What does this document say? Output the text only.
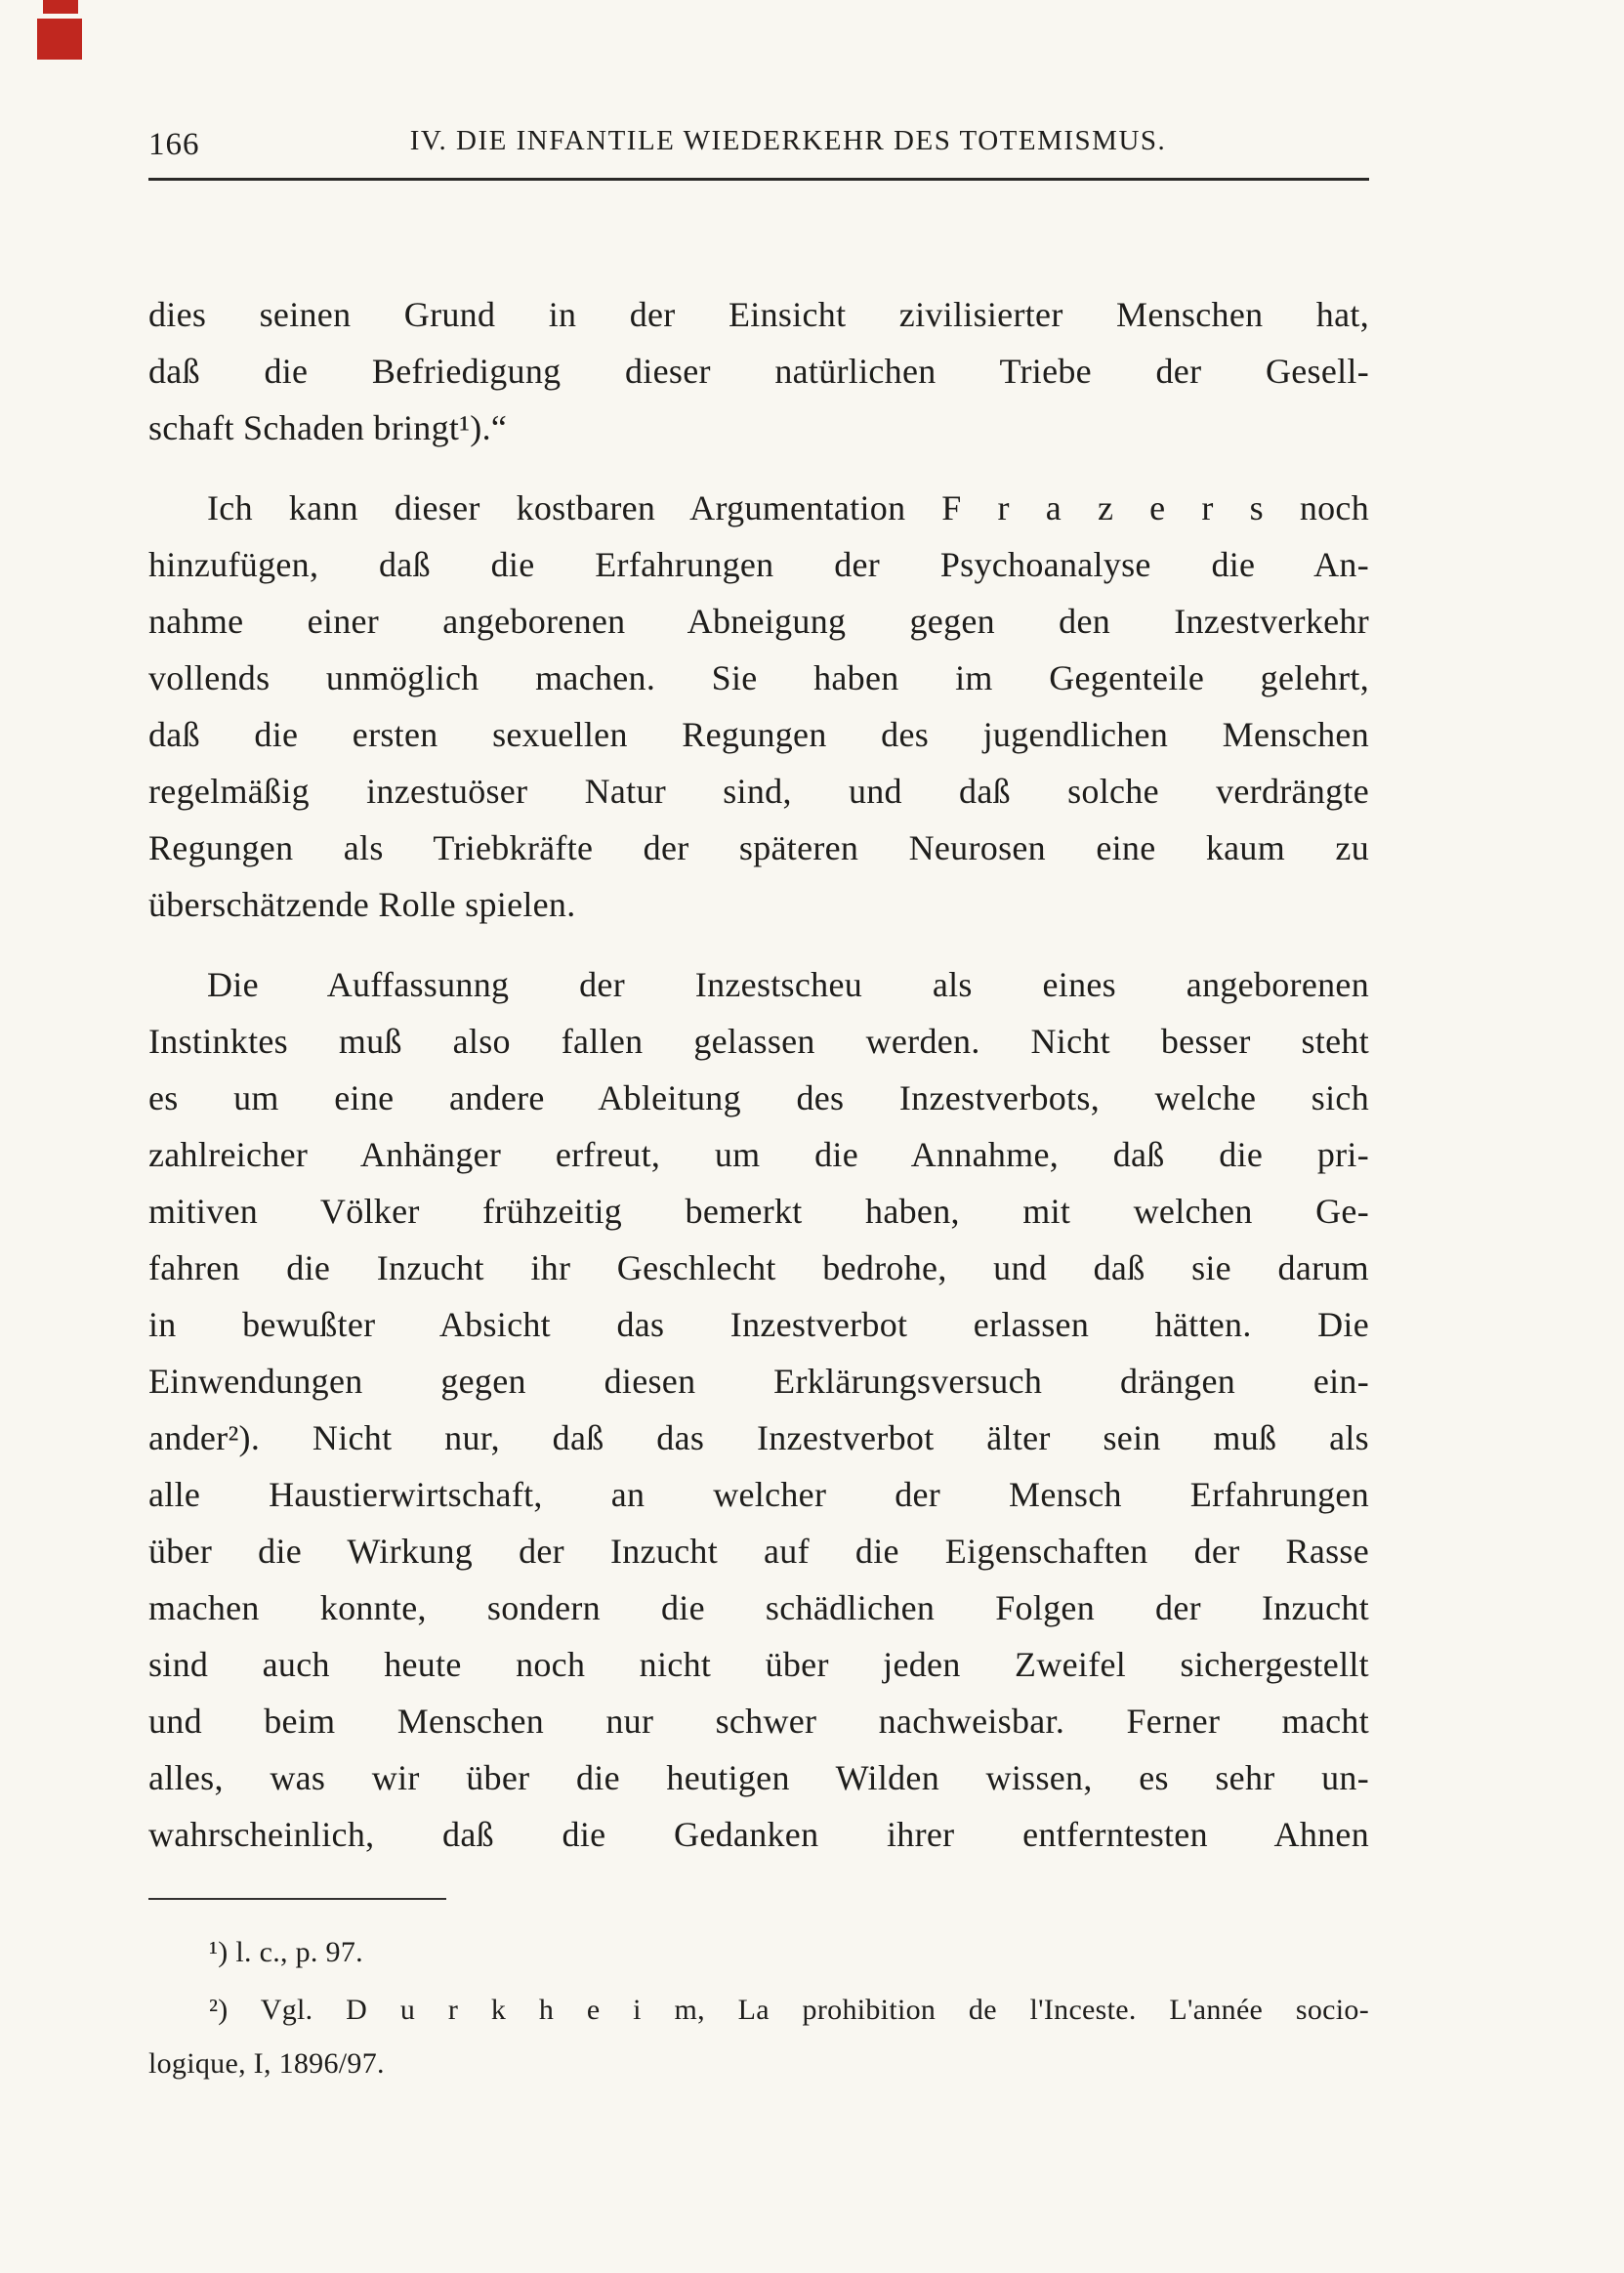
166	IV. DIE INFANTILE WIEDERKEHR DES TOTEMISMUS.
dies seinen Grund in der Einsicht zivilisierter Menschen hat,
daß die Befriedigung dieser natürlichen Triebe der Gesell-
schaft Schaden bringt¹).“
Ich kann dieser kostbaren Argumentation F r a z e r s noch
hinzufügen, daß die Erfahrungen der Psychoanalyse die An-
nahme einer angeborenen Abneigung gegen den Inzestverkehr
vollends unmöglich machen. Sie haben im Gegenteile gelehrt,
daß die ersten sexuellen Regungen des jugendlichen Menschen
regelmäßig inzestuöser Natur sind, und daß solche verdrängte
Regungen als Triebkräfte der späteren Neurosen eine kaum zu
überschätzende Rolle spielen.
Die Auffassunng der Inzestscheu als eines angeborenen
Instinktes muß also fallen gelassen werden. Nicht besser steht
es um eine andere Ableitung des Inzestverbots, welche sich
zahlreicher Anhänger erfreut, um die Annahme, daß die pri-
mitiven Völker frühzeitig bemerkt haben, mit welchen Ge-
fahren die Inzucht ihr Geschlecht bedrohe, und daß sie darum
in bewußter Absicht das Inzestverbot erlassen hätten. Die
Einwendungen gegen diesen Erklärungsversuch drängen ein-
ander²). Nicht nur, daß das Inzestverbot älter sein muß als
alle Haustierwirtschaft, an welcher der Mensch Erfahrungen
über die Wirkung der Inzucht auf die Eigenschaften der Rasse
machen konnte, sondern die schädlichen Folgen der Inzucht
sind auch heute noch nicht über jeden Zweifel sichergestellt
und beim Menschen nur schwer nachweisbar. Ferner macht
alles, was wir über die heutigen Wilden wissen, es sehr un-
wahrscheinlich, daß die Gedanken ihrer entferntesten Ahnen
¹) l. c., p. 97.
²) Vgl. D u r k h e i m, La prohibition de l'Inceste. L'année socio-
logique, I, 1896/97.
